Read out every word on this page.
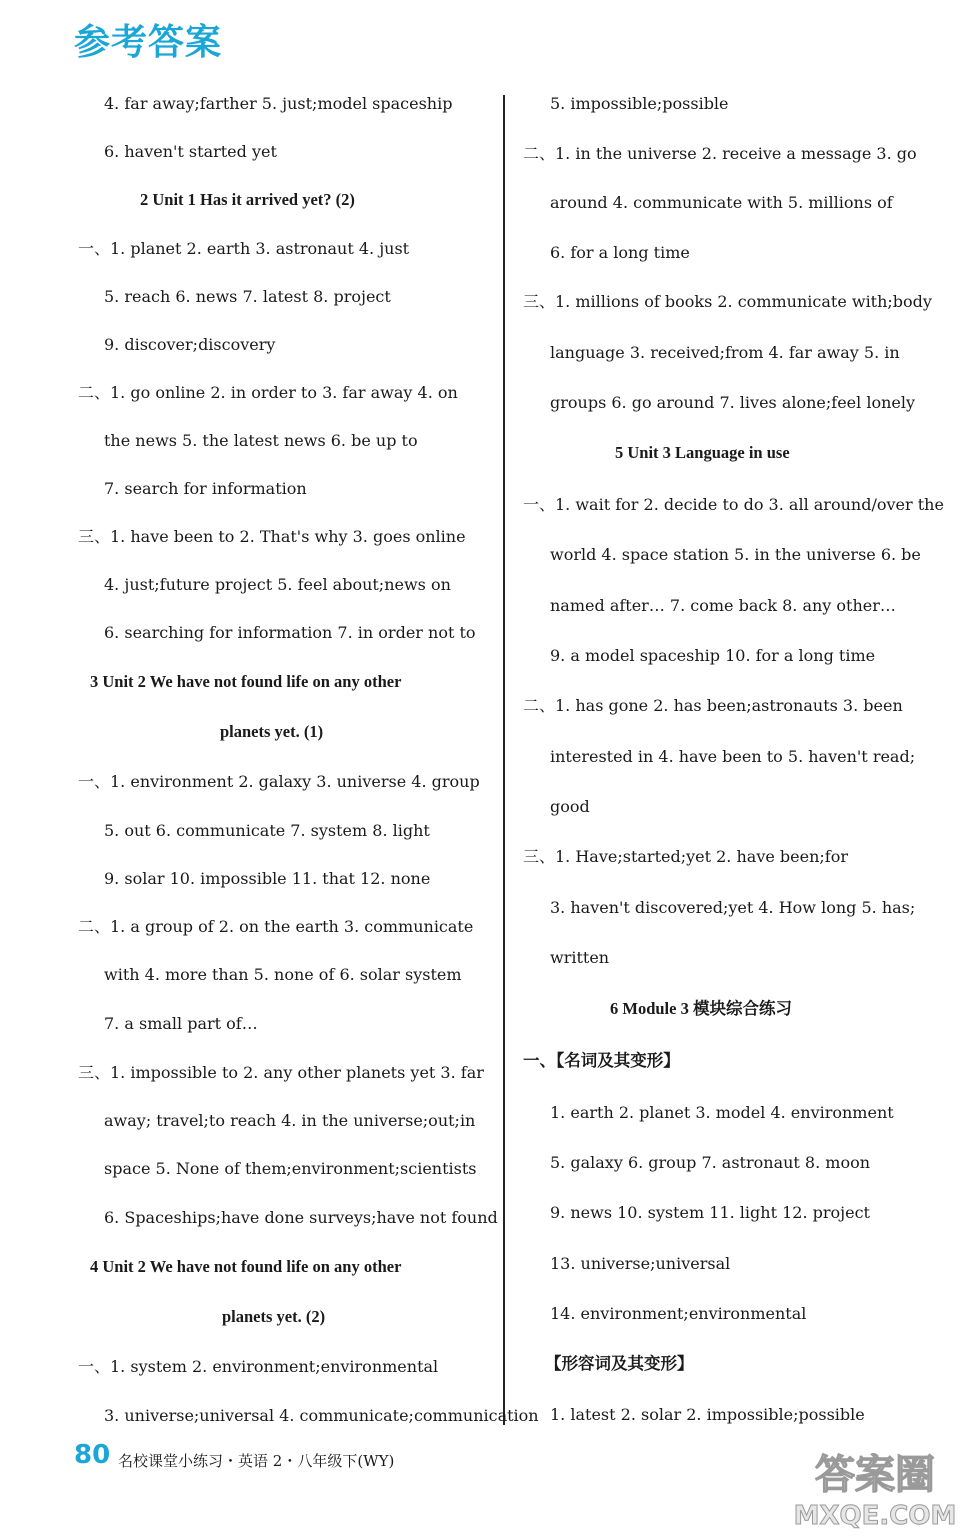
参考答案
4. far away;farther 5. just;model spaceship
6. haven't started yet
2 Unit 1 Has it arrived yet? (2)
一、1. planet 2. earth 3. astronaut 4. just
5. reach 6. news 7. latest 8. project
9. discover;discovery
二、1. go online 2. in order to 3. far away 4. on
the news 5. the latest news 6. be up to
7. search for information
三、1. have been to 2. That's why 3. goes online
4. just;future project 5. feel about;news on
6. searching for information 7. in order not to
3 Unit 2 We have not found life on any other
planets yet. (1)
一、1. environment 2. galaxy 3. universe 4. group
5. out 6. communicate 7. system 8. light
9. solar 10. impossible 11. that 12. none
二、1. a group of 2. on the earth 3. communicate
with 4. more than 5. none of 6. solar system
7. a small part of…
三、1. impossible to 2. any other planets yet 3. far
away; travel;to reach 4. in the universe;out;in
space 5. None of them;environment;scientists
6. Spaceships;have done surveys;have not found
4 Unit 2 We have not found life on any other
planets yet. (2)
一、1. system 2. environment;environmental
3. universe;universal 4. communicate;communication
5. impossible;possible
二、1. in the universe 2. receive a message 3. go
around 4. communicate with 5. millions of
6. for a long time
三、1. millions of books 2. communicate with;body
language 3. received;from 4. far away 5. in
groups 6. go around 7. lives alone;feel lonely
5 Unit 3 Language in use
一、1. wait for 2. decide to do 3. all around/over the
world 4. space station 5. in the universe 6. be
named after… 7. come back 8. any other…
9. a model spaceship 10. for a long time
二、1. has gone 2. has been;astronauts 3. been
interested in 4. have been to 5. haven't read;
good
三、1. Have;started;yet 2. have been;for
3. haven't discovered;yet 4. How long 5. has;
written
6 Module 3 模块综合练习
一、【名词及其变形】
1. earth 2. planet 3. model 4. environment
5. galaxy 6. group 7. astronaut 8. moon
9. news 10. system 11. light 12. project
13. universe;universal
14. environment;environmental
【形容词及其变形】
1. latest 2. solar 2. impossible;possible
80 名校课堂小练习・英语 2・八年级下(WY)	答案圈
MXQE.COM
